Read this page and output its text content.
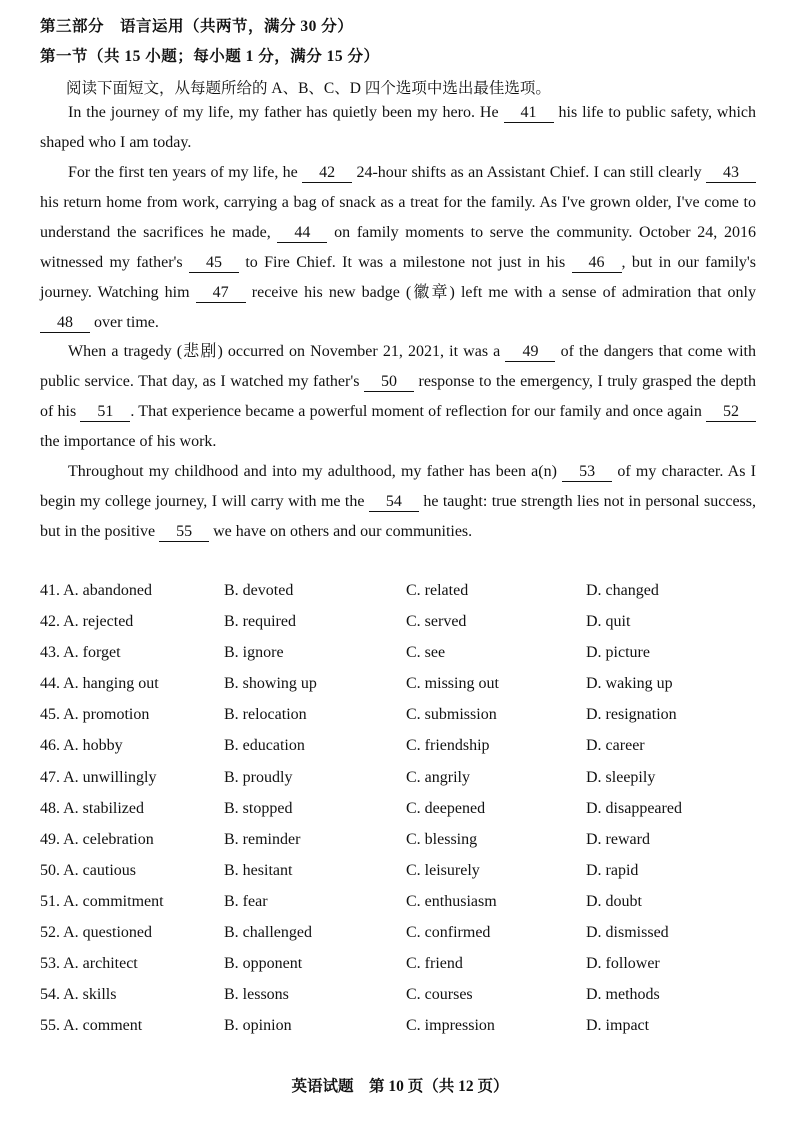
第三部分　语言运用（共两节，满分 30 分）
第一节（共 15 小题；每小题 1 分，满分 15 分）
阅读下面短文，从每题所给的 A、B、C、D 四个选项中选出最佳选项。
In the journey of my life, my father has quietly been my hero. He 41 his life to public safety, which shaped who I am today.
For the first ten years of my life, he 42 24-hour shifts as an Assistant Chief. I can still clearly 43 his return home from work, carrying a bag of snack as a treat for the family. As I've grown older, I've come to understand the sacrifices he made, 44 on family moments to serve the community. October 24, 2016 witnessed my father's 45 to Fire Chief. It was a milestone not just in his 46 , but in our family's journey. Watching him 47 receive his new badge (徽章) left me with a sense of admiration that only 48 over time.
When a tragedy (悲剧) occurred on November 21, 2021, it was a 49 of the dangers that come with public service. That day, as I watched my father's 50 response to the emergency, I truly grasped the depth of his 51 . That experience became a powerful moment of reflection for our family and once again 52 the importance of his work.
Throughout my childhood and into my adulthood, my father has been a(n) 53 of my character. As I begin my college journey, I will carry with me the 54 he taught: true strength lies not in personal success, but in the positive 55 we have on others and our communities.
41. A. abandoned	B. devoted	C. related	D. changed
42. A. rejected	B. required	C. served	D. quit
43. A. forget	B. ignore	C. see	D. picture
44. A. hanging out	B. showing up	C. missing out	D. waking up
45. A. promotion	B. relocation	C. submission	D. resignation
46. A. hobby	B. education	C. friendship	D. career
47. A. unwillingly	B. proudly	C. angrily	D. sleepily
48. A. stabilized	B. stopped	C. deepened	D. disappeared
49. A. celebration	B. reminder	C. blessing	D. reward
50. A. cautious	B. hesitant	C. leisurely	D. rapid
51. A. commitment	B. fear	C. enthusiasm	D. doubt
52. A. questioned	B. challenged	C. confirmed	D. dismissed
53. A. architect	B. opponent	C. friend	D. follower
54. A. skills	B. lessons	C. courses	D. methods
55. A. comment	B. opinion	C. impression	D. impact
英语试题　第 10 页（共 12 页）
